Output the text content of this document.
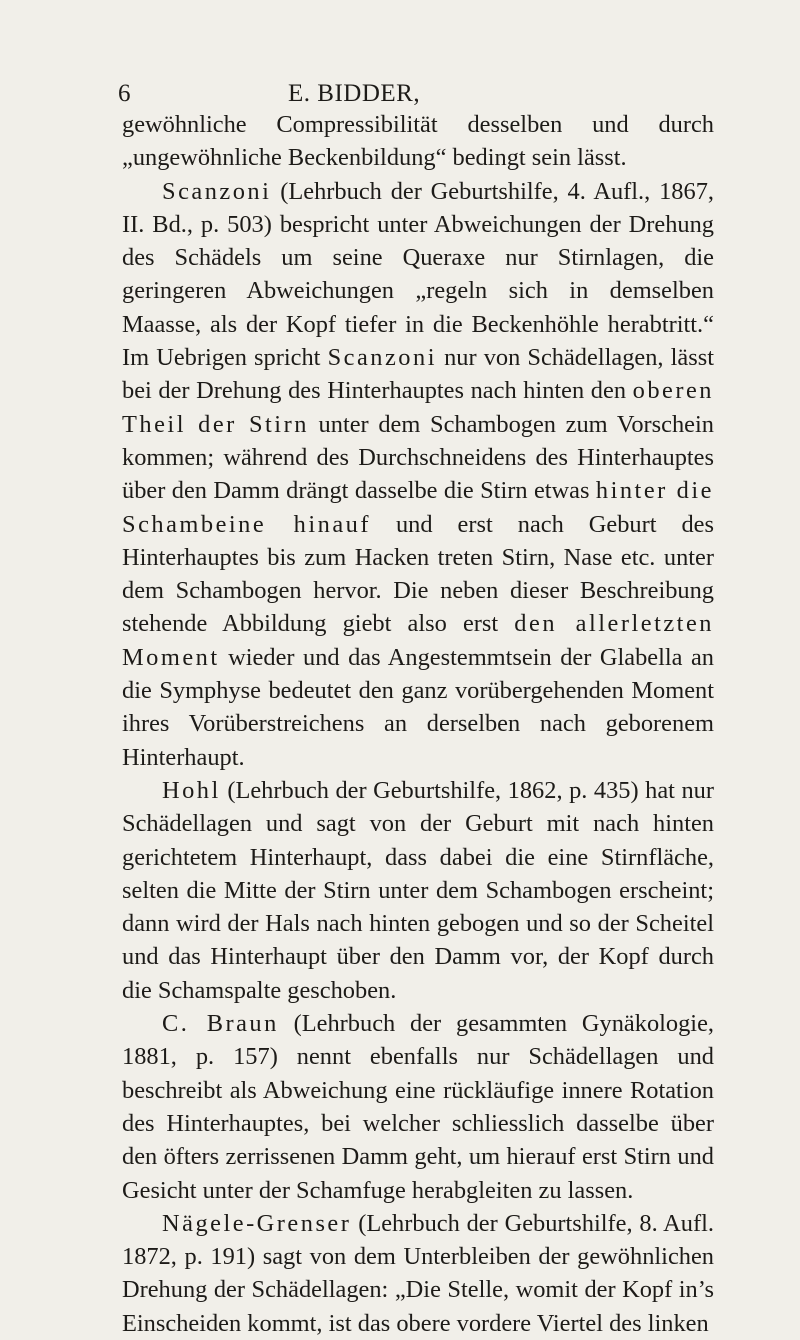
6	E. BIDDER,

gewöhnliche Compressibilität desselben und durch „ungewöhnliche Beckenbildung“ bedingt sein lässt.

Scanzoni (Lehrbuch der Geburtshilfe, 4. Aufl., 1867, II. Bd., p. 503) bespricht unter Abweichungen der Drehung des Schädels um seine Queraxe nur Stirnlagen, die geringeren Abweichungen „regeln sich in demselben Maasse, als der Kopf tiefer in die Beckenhöhle herabtritt.“ Im Uebrigen spricht Scanzoni nur von Schädellagen, lässt bei der Drehung des Hinterhauptes nach hinten den oberen Theil der Stirn unter dem Schambogen zum Vorschein kommen; während des Durchschneidens des Hinterhauptes über den Damm drängt dasselbe die Stirn etwas hinter die Schambeine hinauf und erst nach Geburt des Hinterhauptes bis zum Hacken treten Stirn, Nase etc. unter dem Schambogen hervor. Die neben dieser Beschreibung stehende Abbildung giebt also erst den allerletzten Moment wieder und das Angestemmtsein der Glabella an die Symphyse bedeutet den ganz vorübergehenden Moment ihres Vorüberstreichens an derselben nach geborenem Hinterhaupt.

Hohl (Lehrbuch der Geburtshilfe, 1862, p. 435) hat nur Schädellagen und sagt von der Geburt mit nach hinten gerichtetem Hinterhaupt, dass dabei die eine Stirnfläche, selten die Mitte der Stirn unter dem Schambogen erscheint; dann wird der Hals nach hinten gebogen und so der Scheitel und das Hinterhaupt über den Damm vor, der Kopf durch die Schamspalte geschoben.

C. Braun (Lehrbuch der gesammten Gynäkologie, 1881, p. 157) nennt ebenfalls nur Schädellagen und beschreibt als Abweichung eine rückläufige innere Rotation des Hinterhauptes, bei welcher schliesslich dasselbe über den öfters zerrissenen Damm geht, um hierauf erst Stirn und Gesicht unter der Schamfuge herabgleiten zu lassen.

Nägele-Grenser (Lehrbuch der Geburtshilfe, 8. Aufl. 1872, p. 191) sagt von dem Unterbleiben der gewöhnlichen Drehung der Schädellagen: „Die Stelle, womit der Kopf in’s Einscheiden kommt, ist das obere vordere Viertel des linken
